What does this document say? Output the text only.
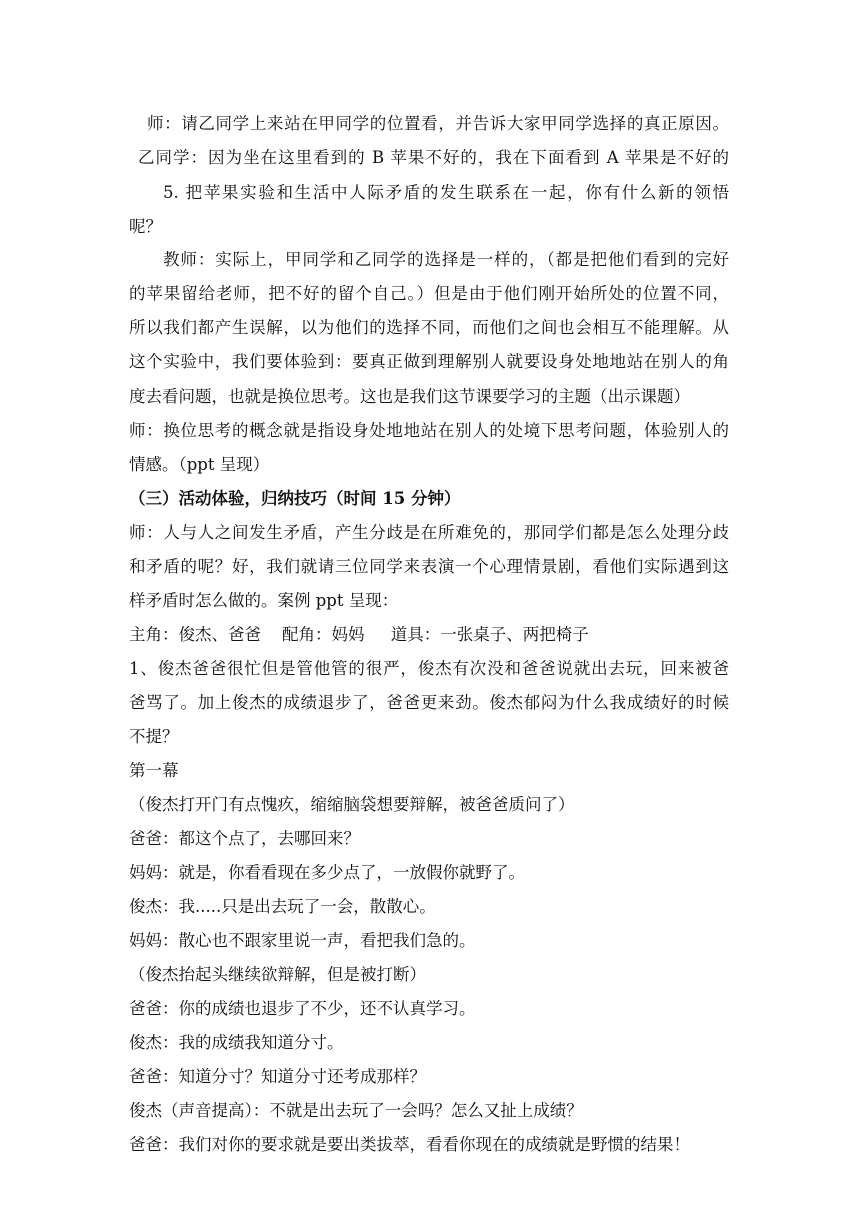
师：请乙同学上来站在甲同学的位置看，并告诉大家甲同学选择的真正原因。
乙同学：因为坐在这里看到的 B 苹果不好的，我在下面看到 A 苹果是不好的
5. 把苹果实验和生活中人际矛盾的发生联系在一起，你有什么新的领悟
呢？
教师：实际上，甲同学和乙同学的选择是一样的，（都是把他们看到的完好
的苹果留给老师，把不好的留个自己。）但是由于他们刚开始所处的位置不同，
所以我们都产生误解，以为他们的选择不同，而他们之间也会相互不能理解。从
这个实验中，我们要体验到：要真正做到理解别人就要设身处地地站在别人的角
度去看问题，也就是换位思考。这也是我们这节课要学习的主题（出示课题）
师：换位思考的概念就是指设身处地地站在别人的处境下思考问题，体验别人的
情感。（ppt 呈现）
（三）活动体验，归纳技巧（时间 15 分钟）
师：人与人之间发生矛盾，产生分歧是在所难免的，那同学们都是怎么处理分歧
和矛盾的呢？好，我们就请三位同学来表演一个心理情景剧，看他们实际遇到这
样矛盾时怎么做的。案例 ppt 呈现：
主角：俊杰、爸爸    配角：妈妈     道具：一张桌子、两把椅子
1、俊杰爸爸很忙但是管他管的很严，俊杰有次没和爸爸说就出去玩，回来被爸
爸骂了。加上俊杰的成绩退步了，爸爸更来劲。俊杰郁闷为什么我成绩好的时候
不提？
第一幕
（俊杰打开门有点愧疚，缩缩脑袋想要辩解，被爸爸质问了）
爸爸：都这个点了，去哪回来？
妈妈：就是，你看看现在多少点了，一放假你就野了。
俊杰：我.....只是出去玩了一会，散散心。
妈妈：散心也不跟家里说一声，看把我们急的。
（俊杰抬起头继续欲辩解，但是被打断）
爸爸：你的成绩也退步了不少，还不认真学习。
俊杰：我的成绩我知道分寸。
爸爸：知道分寸？知道分寸还考成那样？
俊杰（声音提高）：不就是出去玩了一会吗？怎么又扯上成绩？
爸爸：我们对你的要求就是要出类拔萃，看看你现在的成绩就是野惯的结果！
